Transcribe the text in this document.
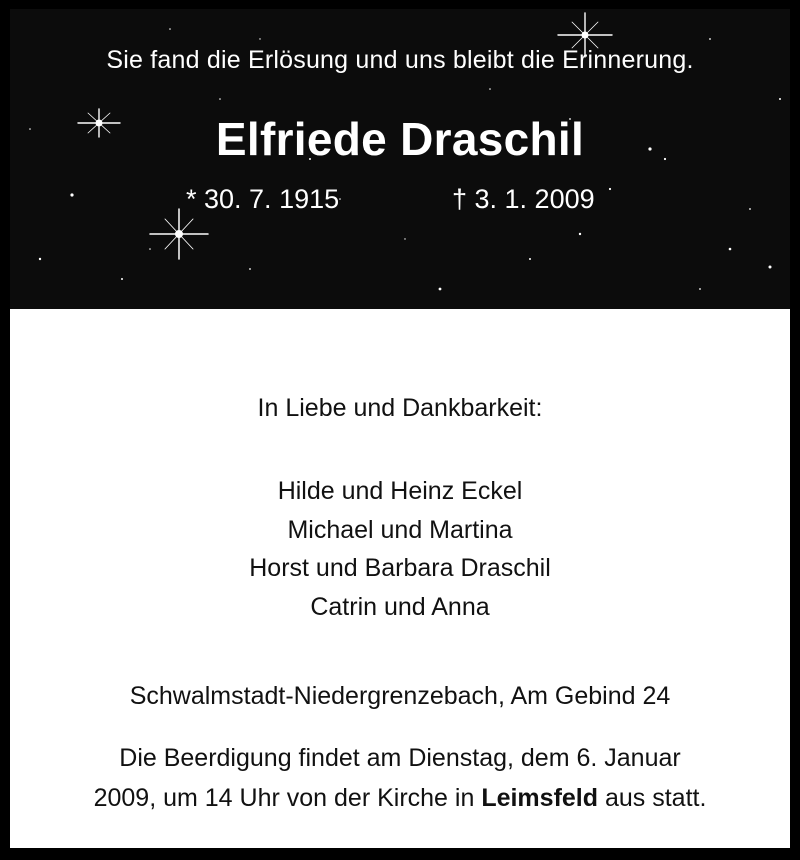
Sie fand die Erlösung und uns bleibt die Erinnerung.
Elfriede Draschil
* 30. 7. 1915	† 3. 1. 2009
In Liebe und Dankbarkeit:
Hilde und Heinz Eckel
Michael und Martina
Horst und Barbara Draschil
Catrin und Anna
Schwalmstadt-Niedergrenzebach, Am Gebind 24
Die Beerdigung findet am Dienstag, dem 6. Januar
2009, um 14 Uhr von der Kirche in Leimsfeld aus statt.
